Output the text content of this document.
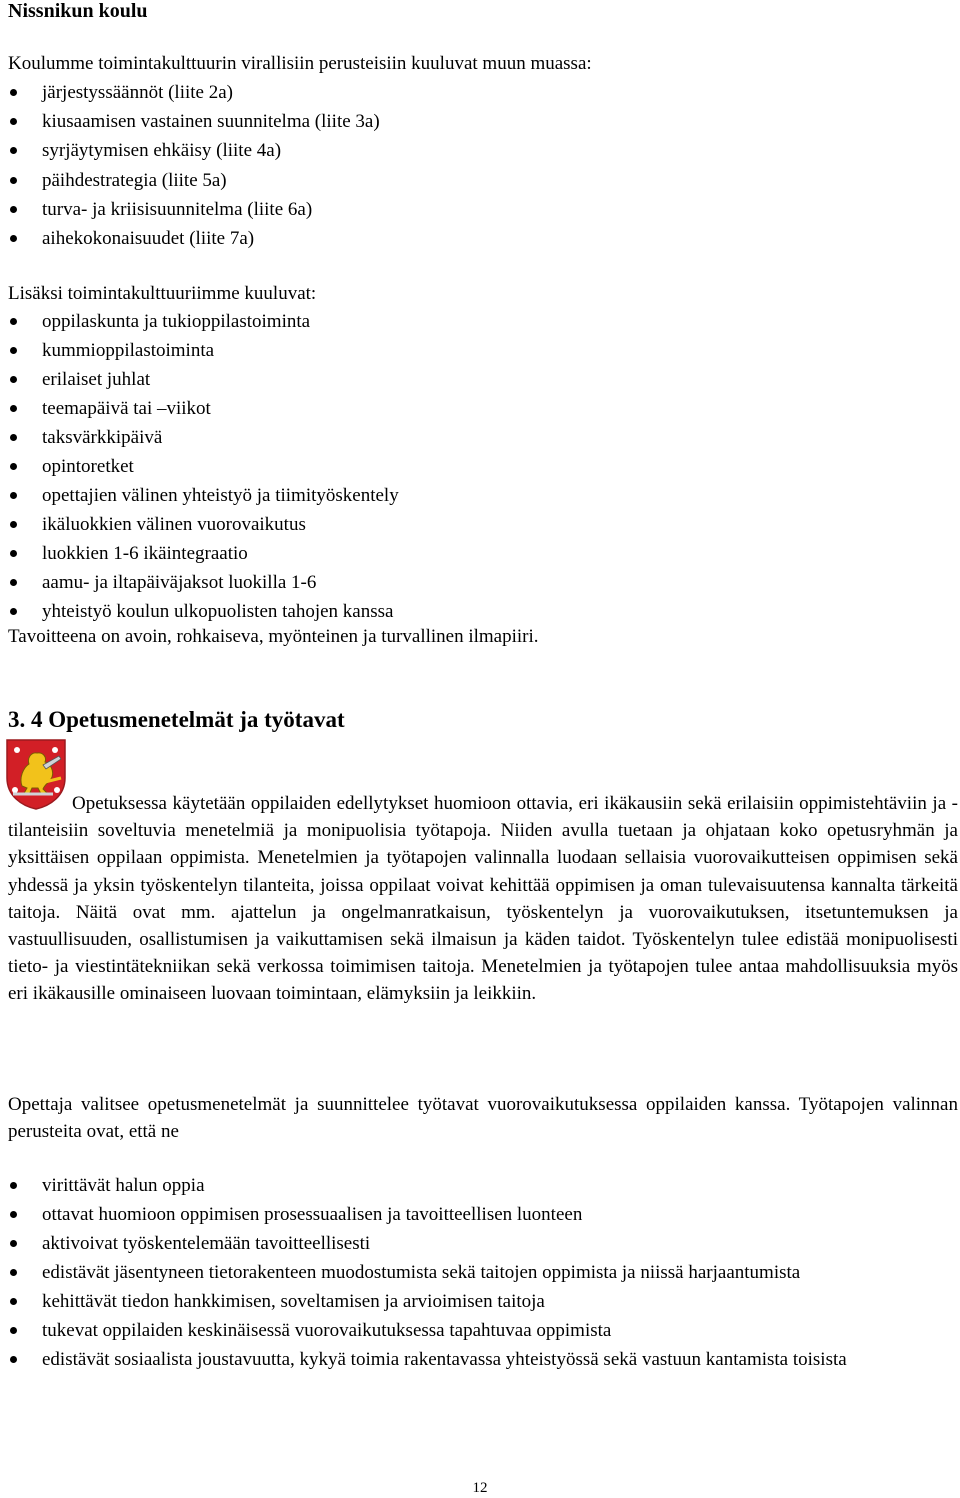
Nissnikun koulu
Koulumme toimintakulttuurin virallisiin perusteisiin kuuluvat muun muassa:
järjestyssäännöt (liite 2a)
kiusaamisen vastainen suunnitelma (liite 3a)
syrjäytymisen ehkäisy (liite 4a)
päihdestrategia (liite 5a)
turva- ja kriisisuunnitelma (liite 6a)
aihekokonaisuudet (liite 7a)
Lisäksi toimintakulttuuriimme kuuluvat:
oppilaskunta ja tukioppilastoiminta
kummioppilastoiminta
erilaiset juhlat
teemapäivä tai –viikot
taksvärkkipäivä
opintoretket
opettajien välinen yhteistyö ja tiimityöskentely
ikäluokkien välinen vuorovaikutus
luokkien 1-6 ikäintegraatio
aamu- ja iltapäiväjaksot luokilla 1-6
yhteistyö koulun ulkopuolisten tahojen kanssa
Tavoitteena on avoin, rohkaiseva, myönteinen ja turvallinen ilmapiiri.
3. 4 Opetusmenetelmät ja työtavat
Opetuksessa käytetään oppilaiden edellytykset huomioon ottavia, eri ikäkausiin sekä erilaisiin oppimistehtäviin ja -tilanteisiin soveltuvia menetelmiä ja monipuolisia työtapoja. Niiden avulla tuetaan ja ohjataan koko opetusryhmän ja yksittäisen oppilaan oppimista. Menetelmien ja työtapojen valinnalla luodaan sellaisia vuorovaikutteisen oppimisen sekä yhdessä ja yksin työskentelyn tilanteita, joissa oppilaat voivat kehittää oppimisen ja oman tulevaisuutensa kannalta tärkeitä taitoja. Näitä ovat mm. ajattelun ja ongelmanratkaisun, työskentelyn ja vuorovaikutuksen, itsetuntemuksen ja vastuullisuuden, osallistumisen ja vaikuttamisen sekä ilmaisun ja käden taidot. Työskentelyn tulee edistää monipuolisesti tieto- ja viestintätekniikan sekä verkossa toimimisen taitoja. Menetelmien ja työtapojen tulee antaa mahdollisuuksia myös eri ikäkausille ominaiseen luovaan toimintaan, elämyksiin ja leikkiin.
Opettaja valitsee opetusmenetelmät ja suunnittelee työtavat vuorovaikutuksessa oppilaiden kanssa. Työtapojen valinnan perusteita ovat, että ne
virittävät halun oppia
ottavat huomioon oppimisen prosessuaalisen ja tavoitteellisen luonteen
aktivoivat työskentelemään tavoitteellisesti
edistävät jäsentyneen tietorakenteen muodostumista sekä taitojen oppimista ja niissä harjaantumista
kehittävät tiedon hankkimisen, soveltamisen ja arvioimisen taitoja
tukevat oppilaiden keskinäisessä vuorovaikutuksessa tapahtuvaa oppimista
edistävät sosiaalista joustavuutta, kykyä toimia rakentavassa yhteistyössä sekä vastuun kantamista toisista
12
